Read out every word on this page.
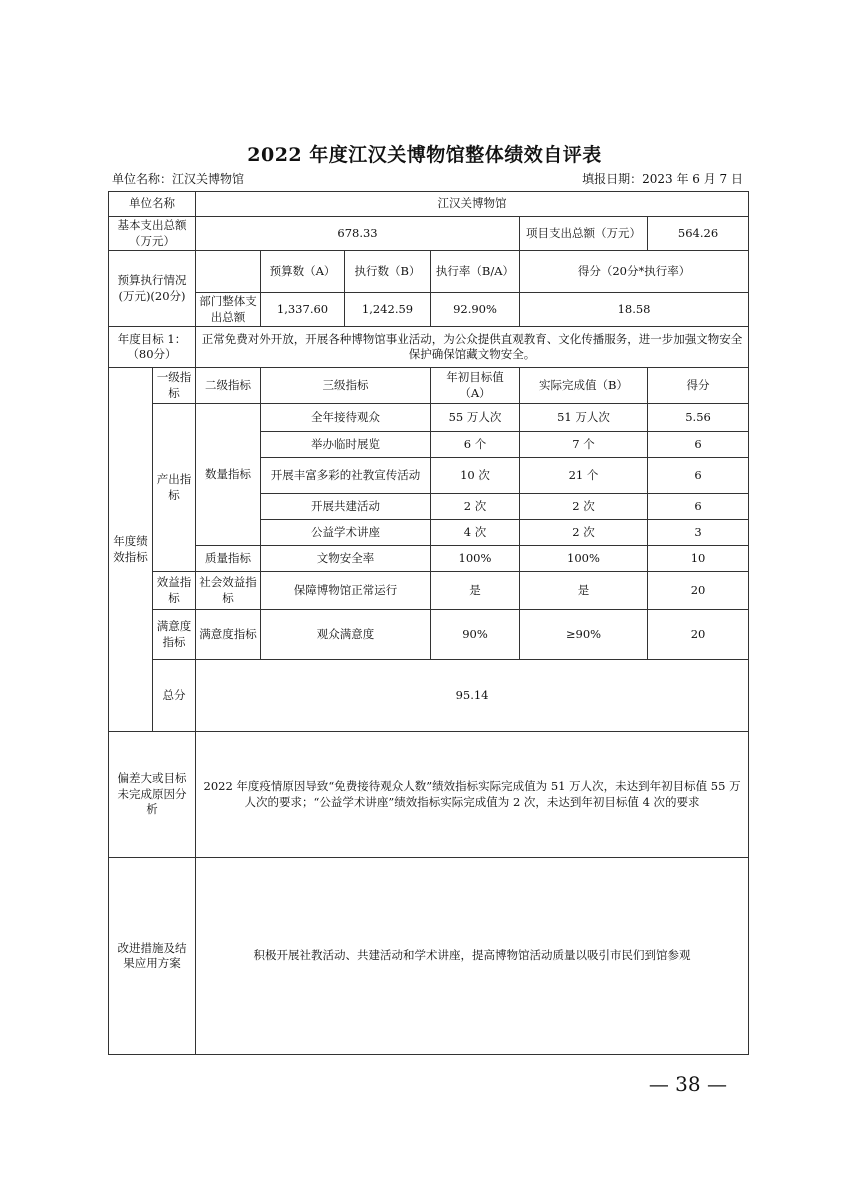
2022 年度江汉关博物馆整体绩效自评表
单位名称：江汉关博物馆	填报日期：2023 年 6 月 7 日
单位名称		江汉关博物馆					
基本支出总额（万元）		678.33				项目支出总额（万元）	564.26
预算执行情况(万元)(20分)			预算数（A）	执行数（B）	执行率（B/A）	得分（20分*执行率）	
		部门整体支出总额	1,337.60	1,242.59	92.90%	18.58	
年度目标 1：（80分）		正常免费对外开放，开展各种博物馆事业活动，为公众提供直观教育、文化传播服务，进一步加强文物安全保护确保馆藏文物安全。					
年度绩效指标	一级指标	二级指标	三级指标		年初目标值（A）	实际完成值（B）	得分
	产出指标	数量指标	全年接待观众		55 万人次	51 万人次	5.56
			举办临时展览		6 个	7 个	6
			开展丰富多彩的社教宣传活动		10 次	21 个	6
			开展共建活动		2 次	2 次	6
			公益学术讲座		4 次	2 次	3
		质量指标	文物安全率		100%	100%	10
	效益指标	社会效益指标	保障博物馆正常运行		是	是	20
	满意度指标	满意度指标	观众满意度		90%	≥90%	20
	总分	95.14					
偏差大或目标未完成原因分析		2022 年度疫情原因导致“免费接待观众人数”绩效指标实际完成值为 51 万人次，未达到年初目标值 55 万人次的要求；“公益学术讲座”绩效指标实际完成值为 2 次，未达到年初目标值 4 次的要求					
改进措施及结果应用方案		积极开展社教活动、共建活动和学术讲座，提高博物馆活动质量以吸引市民们到馆参观					
— 38 —
